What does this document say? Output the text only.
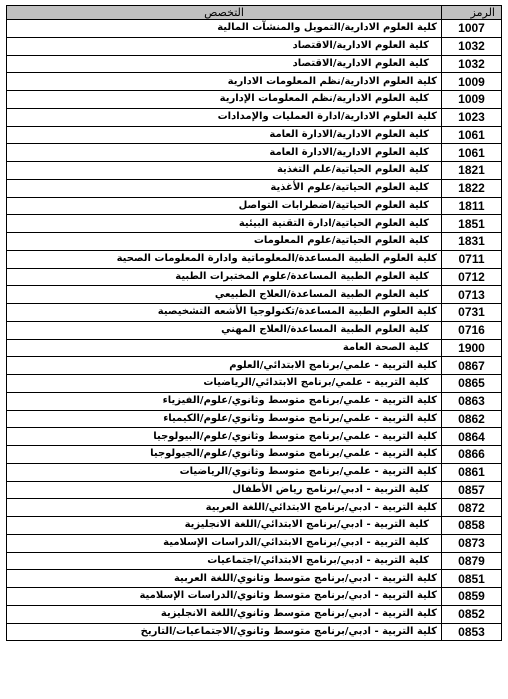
التخصص	الرمز
كلية العلوم الادارية/التمويل والمنشآت المالية	1007
كلية العلوم الادارية/الاقتصاد	1032
كلية العلوم الادارية/الاقتصاد	1032
كلية العلوم الادارية/نظم المعلومات الادارية	1009
كلية العلوم الادارية/نظم المعلومات الإدارية	1009
كلية العلوم الادارية/ادارة العمليات والإمدادات	1023
كلية العلوم الادارية/الادارة العامة	1061
كلية العلوم الادارية/الادارة العامة	1061
كلية العلوم الحياتية/علم التغذية	1821
كلية العلوم الحياتية/علوم الأغذية	1822
كلية العلوم الحياتية/اضطرابات التواصل	1811
كلية العلوم الحياتية/ادارة التقنية البيئية	1851
كلية العلوم الحياتية/علوم المعلومات	1831
كلية العلوم الطبية المساعدة/المعلوماتية وادارة المعلومات الصحية	0711
كلية العلوم الطبية المساعدة/علوم المختبرات الطبية	0712
كلية العلوم الطبية المساعدة/العلاج الطبيعي	0713
كلية العلوم الطبية المساعدة/تكنولوجيا الأشعه التشخيصية	0731
كلية العلوم الطبية المساعدة/العلاج المهني	0716
كلية الصحة العامة	1900
كلية التربية - علمي/برنامج الابتدائي/العلوم	0867
كلية التربية - علمي/برنامج الابتدائي/الرياضيات	0865
كلية التربية - علمي/برنامج متوسط وثانوي/علوم/الفيزياء	0863
كلية التربية - علمي/برنامج متوسط وثانوي/علوم/الكيمياء	0862
كلية التربية - علمي/برنامج متوسط وثانوي/علوم/البيولوجيا	0864
كلية التربية - علمي/برنامج متوسط وثانوي/علوم/الجيولوجيا	0866
كلية التربية - علمي/برنامج متوسط وثانوي/الرياضيات	0861
كلية التربية - ادبي/برنامج رياض الأطفال	0857
كلية التربية - ادبي/برنامج الابتدائي/اللغة العربية	0872
كلية التربية - ادبي/برنامج الابتدائي/اللغة الانجليزية	0858
كلية التربية - ادبي/برنامج الابتدائي/الدراسات الإسلامية	0873
كلية التربية - ادبي/برنامج الابتدائي/اجتماعيات	0879
كلية التربية - ادبي/برنامج متوسط وثانوي/اللغة العربية	0851
كلية التربية - ادبي/برنامج متوسط وثانوي/الدراسات الإسلامية	0859
كلية التربية - ادبي/برنامج متوسط وثانوي/اللغة الانجليزية	0852
كلية التربية - ادبي/برنامج متوسط وثانوي/الاجتماعيات/التاريخ	0853
